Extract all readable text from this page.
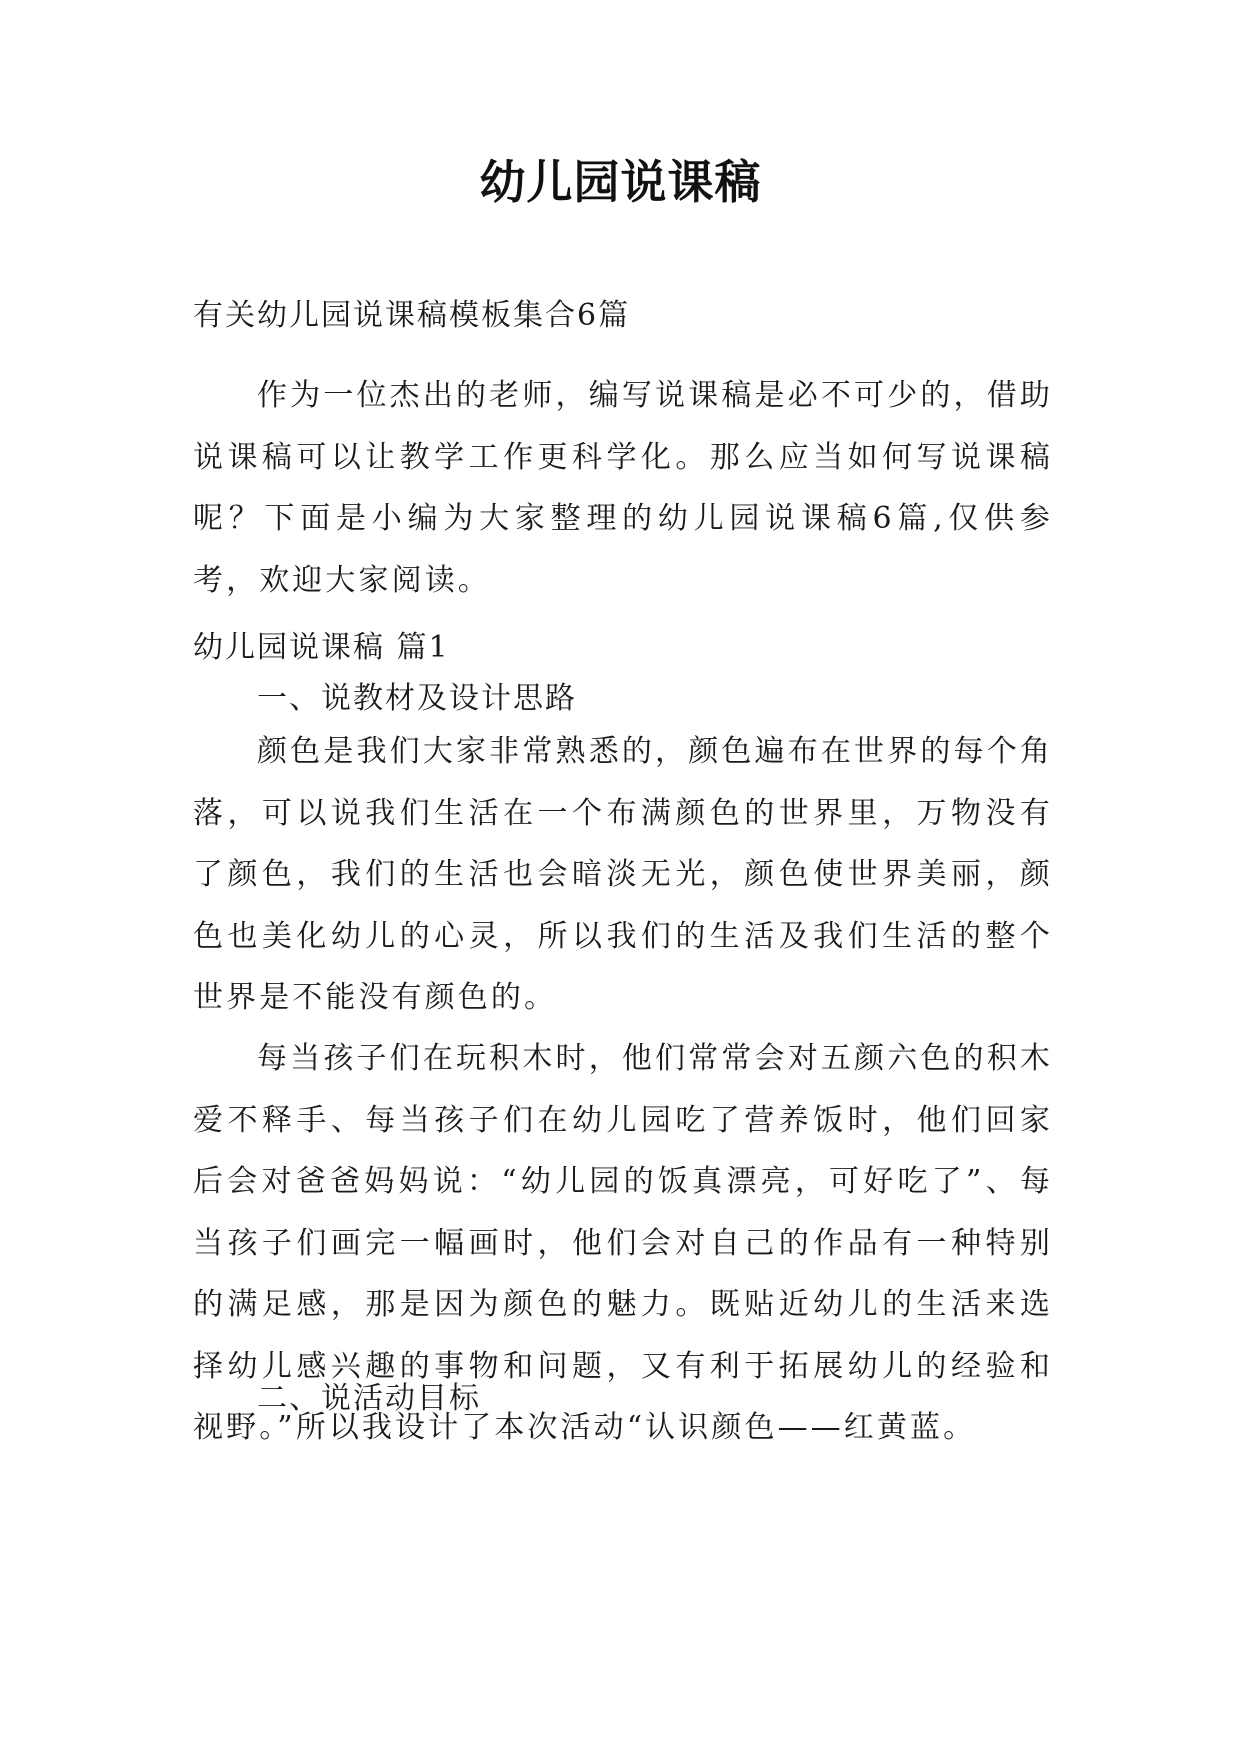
幼儿园说课稿
有关幼儿园说课稿模板集合6篇

作为一位杰出的老师，编写说课稿是必不可少的，借助说课稿可以让教学工作更科学化。那么应当如何写说课稿呢？下面是小编为大家整理的幼儿园说课稿6篇,仅供参考，欢迎大家阅读。

幼儿园说课稿 篇1
一、说教材及设计思路

颜色是我们大家非常熟悉的，颜色遍布在世界的每个角落，可以说我们生活在一个布满颜色的世界里，万物没有了颜色，我们的生活也会暗淡无光，颜色使世界美丽，颜色也美化幼儿的心灵，所以我们的生活及我们生活的整个世界是不能没有颜色的。

每当孩子们在玩积木时，他们常常会对五颜六色的积木爱不释手、每当孩子们在幼儿园吃了营养饭时，他们回家后会对爸爸妈妈说：“幼儿园的饭真漂亮，可好吃了”、每当孩子们画完一幅画时，他们会对自己的作品有一种特别的满足感，那是因为颜色的魅力。既贴近幼儿的生活来选择幼儿感兴趣的事物和问题，又有利于拓展幼儿的经验和视野。”所以我设计了本次活动“认识颜色——红黄蓝。

二、说活动目标
